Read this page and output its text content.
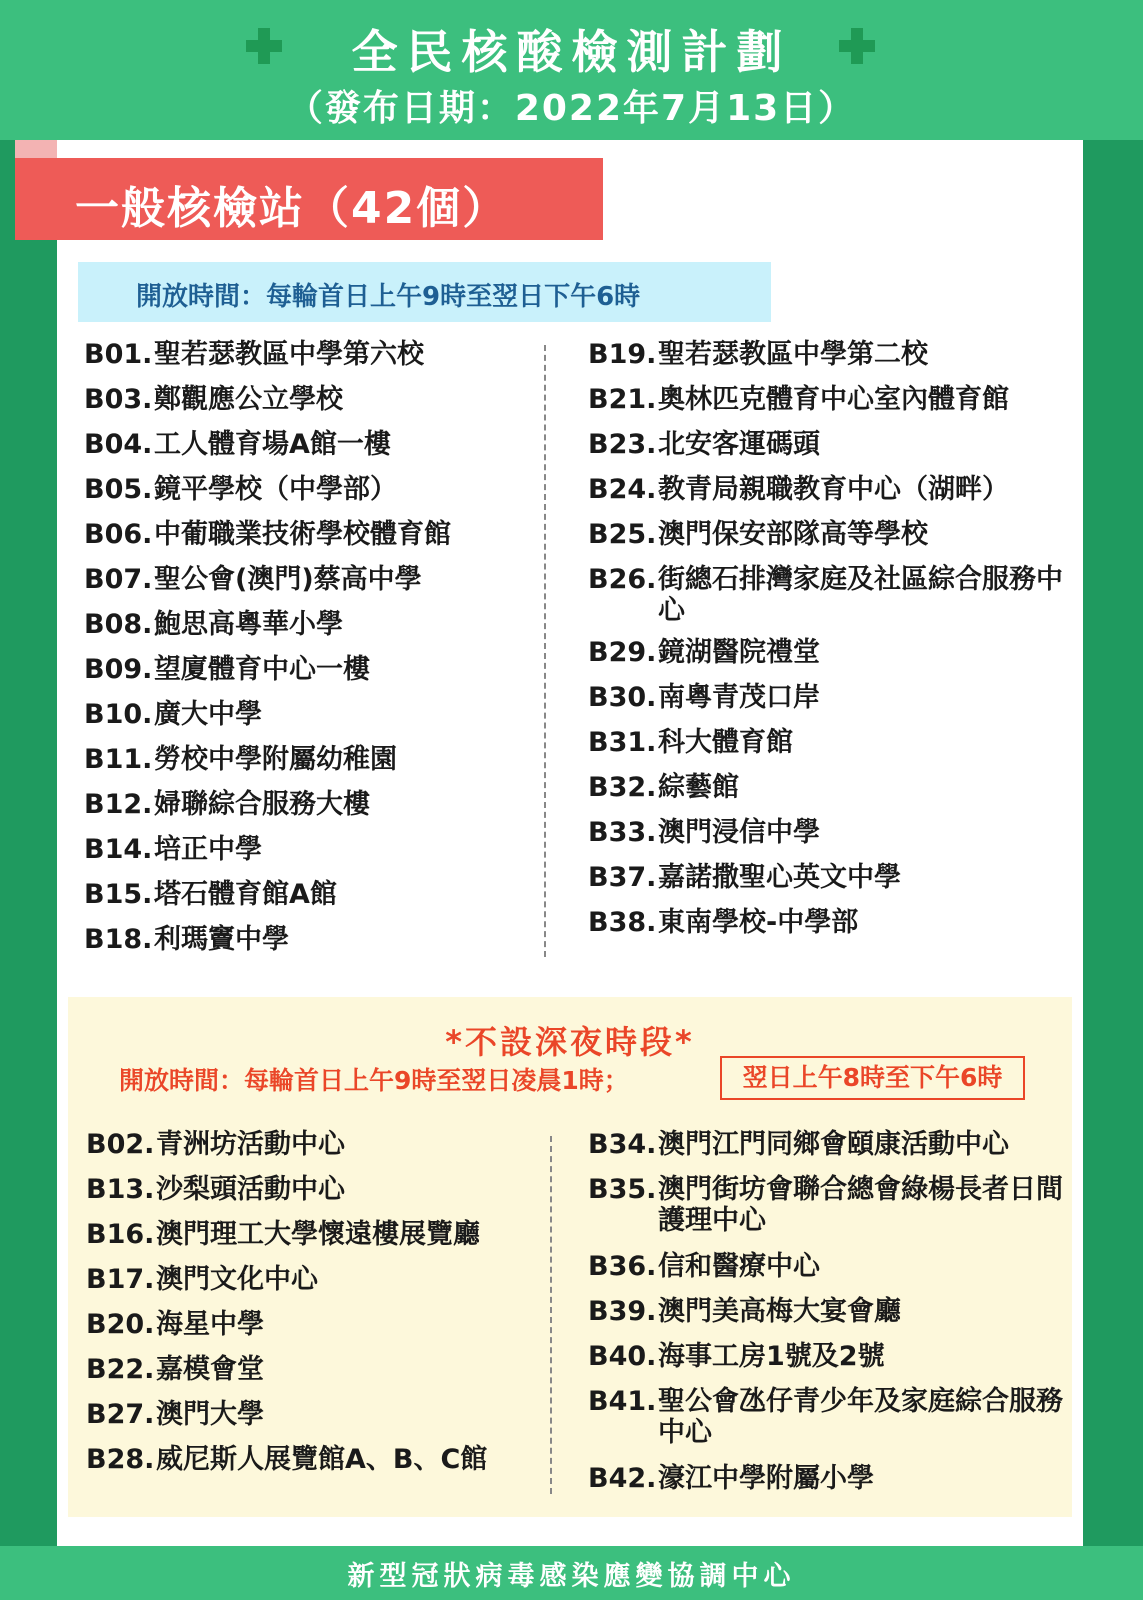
全民核酸檢測計劃
（發布日期：2022年7月13日）
一般核檢站（42個）
開放時間：每輪首日上午9時至翌日下午6時
B01. 聖若瑟教區中學第六校
B03. 鄭觀應公立學校
B04. 工人體育場A館一樓
B05. 鏡平學校（中學部）
B06. 中葡職業技術學校體育館
B07. 聖公會(澳門)蔡高中學
B08. 鮑思高粵華小學
B09. 望廈體育中心一樓
B10. 廣大中學
B11. 勞校中學附屬幼稚園
B12. 婦聯綜合服務大樓
B14. 培正中學
B15. 塔石體育館A館
B18. 利瑪竇中學
B19. 聖若瑟教區中學第二校
B21. 奧林匹克體育中心室內體育館
B23. 北安客運碼頭
B24. 教青局親職教育中心（湖畔）
B25. 澳門保安部隊高等學校
B26. 街總石排灣家庭及社區綜合服務中心
B29. 鏡湖醫院禮堂
B30. 南粵青茂口岸
B31. 科大體育館
B32. 綜藝館
B33. 澳門浸信中學
B37. 嘉諾撒聖心英文中學
B38. 東南學校-中學部
*不設深夜時段*
開放時間：每輪首日上午9時至翌日凌晨1時；	翌日上午8時至下午6時
B02. 青洲坊活動中心
B13. 沙梨頭活動中心
B16. 澳門理工大學懷遠樓展覽廳
B17. 澳門文化中心
B20. 海星中學
B22. 嘉模會堂
B27. 澳門大學
B28. 威尼斯人展覽館A、B、C館
B34. 澳門江門同鄉會頤康活動中心
B35. 澳門街坊會聯合總會綠楊長者日間護理中心
B36. 信和醫療中心
B39. 澳門美高梅大宴會廳
B40. 海事工房1號及2號
B41. 聖公會氹仔青少年及家庭綜合服務中心
B42. 濠江中學附屬小學
新型冠狀病毒感染應變協調中心
